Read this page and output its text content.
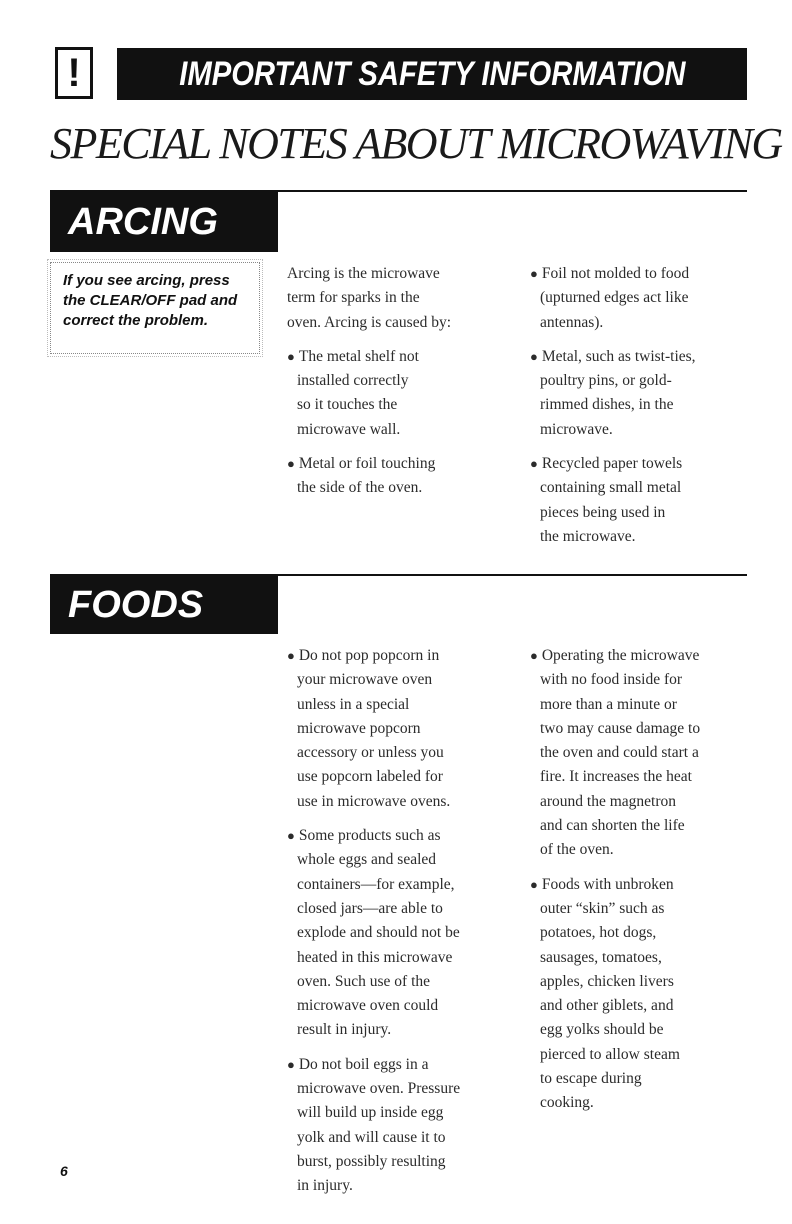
!	IMPORTANT SAFETY INFORMATION
SPECIAL NOTES ABOUT MICROWAVING
ARCING
If you see arcing, press
the CLEAR/OFF pad and
correct the problem.
Arcing is the microwave
term for sparks in the
oven. Arcing is caused by:
● The metal shelf not
installed correctly
so it touches the
microwave wall.
● Metal or foil touching
the side of the oven.
● Foil not molded to food
(upturned edges act like
antennas).
● Metal, such as twist-ties,
poultry pins, or gold-
rimmed dishes, in the
microwave.
● Recycled paper towels
containing small metal
pieces being used in
the microwave.
FOODS
● Do not pop popcorn in
your microwave oven
unless in a special
microwave popcorn
accessory or unless you
use popcorn labeled for
use in microwave ovens.
● Some products such as
whole eggs and sealed
containers—for example,
closed jars—are able to
explode and should not be
heated in this microwave
oven. Such use of the
microwave oven could
result in injury.
● Do not boil eggs in a
microwave oven. Pressure
will build up inside egg
yolk and will cause it to
burst, possibly resulting
in injury.
● Operating the microwave
with no food inside for
more than a minute or
two may cause damage to
the oven and could start a
fire. It increases the heat
around the magnetron
and can shorten the life
of the oven.
● Foods with unbroken
outer “skin” such as
potatoes, hot dogs,
sausages, tomatoes,
apples, chicken livers
and other giblets, and
egg yolks should be
pierced to allow steam
to escape during
cooking.
6
